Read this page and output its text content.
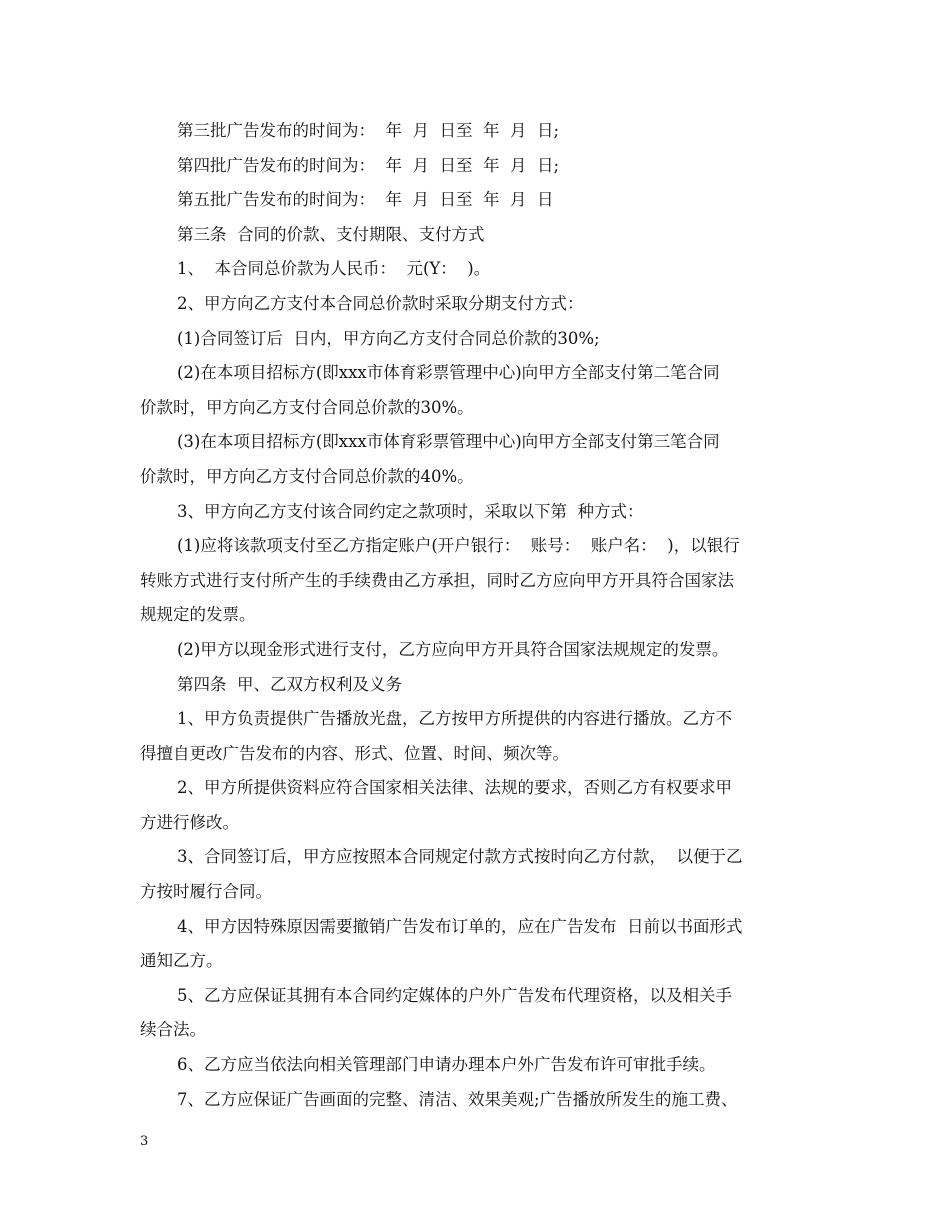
第三批广告发布的时间为：  年  月  日至  年  月  日;
第四批广告发布的时间为：  年  月  日至  年  月  日;
第五批广告发布的时间为：  年  月  日至  年  月  日
第三条  合同的价款、支付期限、支付方式
1、  本合同总价款为人民币：  元(Y：  )。
2、甲方向乙方支付本合同总价款时采取分期支付方式：
(1)合同签订后  日内，甲方向乙方支付合同总价款的30%;
(2)在本项目招标方(即xxx市体育彩票管理中心)向甲方全部支付第二笔合同
价款时，甲方向乙方支付合同总价款的30%。
(3)在本项目招标方(即xxx市体育彩票管理中心)向甲方全部支付第三笔合同
价款时，甲方向乙方支付合同总价款的40%。
3、甲方向乙方支付该合同约定之款项时，采取以下第  种方式：
(1)应将该款项支付至乙方指定账户(开户银行：  账号：  账户名：  )，以银行
转账方式进行支付所产生的手续费由乙方承担，同时乙方应向甲方开具符合国家法
规规定的发票。
(2)甲方以现金形式进行支付，乙方应向甲方开具符合国家法规规定的发票。
第四条  甲、乙双方权利及义务
1、甲方负责提供广告播放光盘，乙方按甲方所提供的内容进行播放。乙方不
得擅自更改广告发布的内容、形式、位置、时间、频次等。
2、甲方所提供资料应符合国家相关法律、法规的要求，否则乙方有权要求甲
方进行修改。
3、合同签订后，甲方应按照本合同规定付款方式按时向乙方付款，  以便于乙
方按时履行合同。
4、甲方因特殊原因需要撤销广告发布订单的，应在广告发布  日前以书面形式
通知乙方。
5、乙方应保证其拥有本合同约定媒体的户外广告发布代理资格，以及相关手
续合法。
6、乙方应当依法向相关管理部门申请办理本户外广告发布许可审批手续。
7、乙方应保证广告画面的完整、清洁、效果美观;广告播放所发生的施工费、
3
